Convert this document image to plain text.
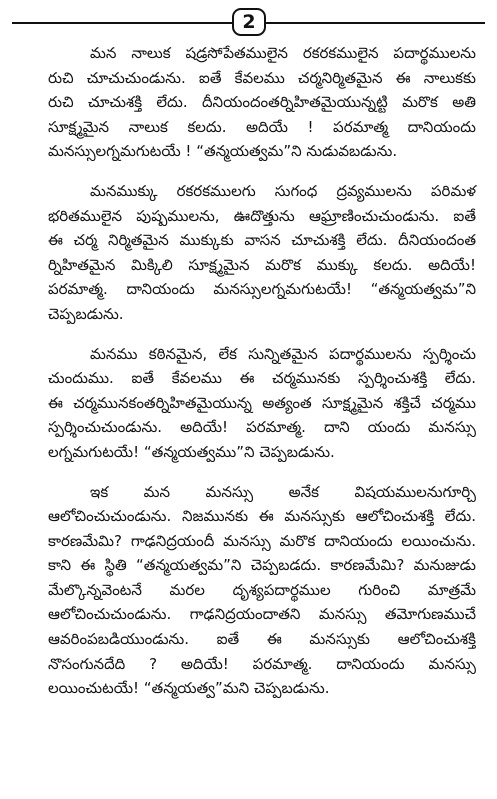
2
మన నాలుక షడ్రసోపేతములైన రకరకములైన పదార్థములను
రుచి చూచుచుండును. ఐతే కేవలము చర్మనిర్మితమైన ఈ నాలుకకు
రుచి చూచుశక్తి లేదు. దీనియందంతర్నిహితమైయున్నట్టి మరొక అతి
సూక్ష్మమైన నాలుక కలదు. అదియే ! పరమాత్మ దానియందు
మనస్సులగ్నమగుటయే ! “తన్మయత్వమ”ని నుడువబడును.
మనముక్కు రకరకములగు సుగంధ ద్రవ్యములను పరిమళ
భరితములైన పుష్పములను, ఊదొత్తును ఆఘ్రాణించుచుండును. ఐతే
ఈ చర్మ నిర్మితమైన ముక్కుకు వాసన చూచుశక్తి లేదు. దీనియందంత
ర్నిహితమైన మిక్కిలి సూక్ష్మమైన మరొక ముక్కు కలదు. అదియే!
పరమాత్మ. దానియందు మనస్సులగ్నమగుటయే! “తన్మయత్వమ”ని
చెప్పబడును.
మనము కఠినమైన, లేక సున్నితమైన పదార్థములను స్పర్శించు
చుందుము. ఐతే కేవలము ఈ చర్మమునకు స్పర్శించుశక్తి లేదు.
ఈ చర్మమునకంతర్నిహితమైయున్న అత్యంత సూక్ష్మమైన శక్తిచే చర్మము
స్పర్శించుచుండును. అదియే! పరమాత్మ. దాని యందు మనస్సు
లగ్నమగుటయే! “తన్మయత్వము”ని చెప్పబడును.
ఇక మన మనస్సు అనేక విషయములనుగూర్చి
ఆలోచించుచుండును. నిజమునకు ఈ మనస్సుకు ఆలోచించుశక్తి లేదు.
కారణమేమి? గాఢనిద్రయందీ మనస్సు మరొక దానియందు లయించును.
కాని ఈ స్థితి “తన్మయత్వమ”ని చెప్పబడదు. కారణమేమి? మనుజుడు
మేల్కొన్నవెంటనే మరల దృశ్యపదార్థముల గురించి మాత్రమే
ఆలోచించుచుండును. గాఢనిద్రయందాతని మనస్సు తమోగుణముచే
ఆవరింపబడియుండును. ఐతే ఈ మనస్సుకు ఆలోచించుశక్తి
నొసంగునదేది ? అదియే! పరమాత్మ. దానియందు మనస్సు
లయించుటయే! “తన్మయత్వ”మని చెప్పబడును.
